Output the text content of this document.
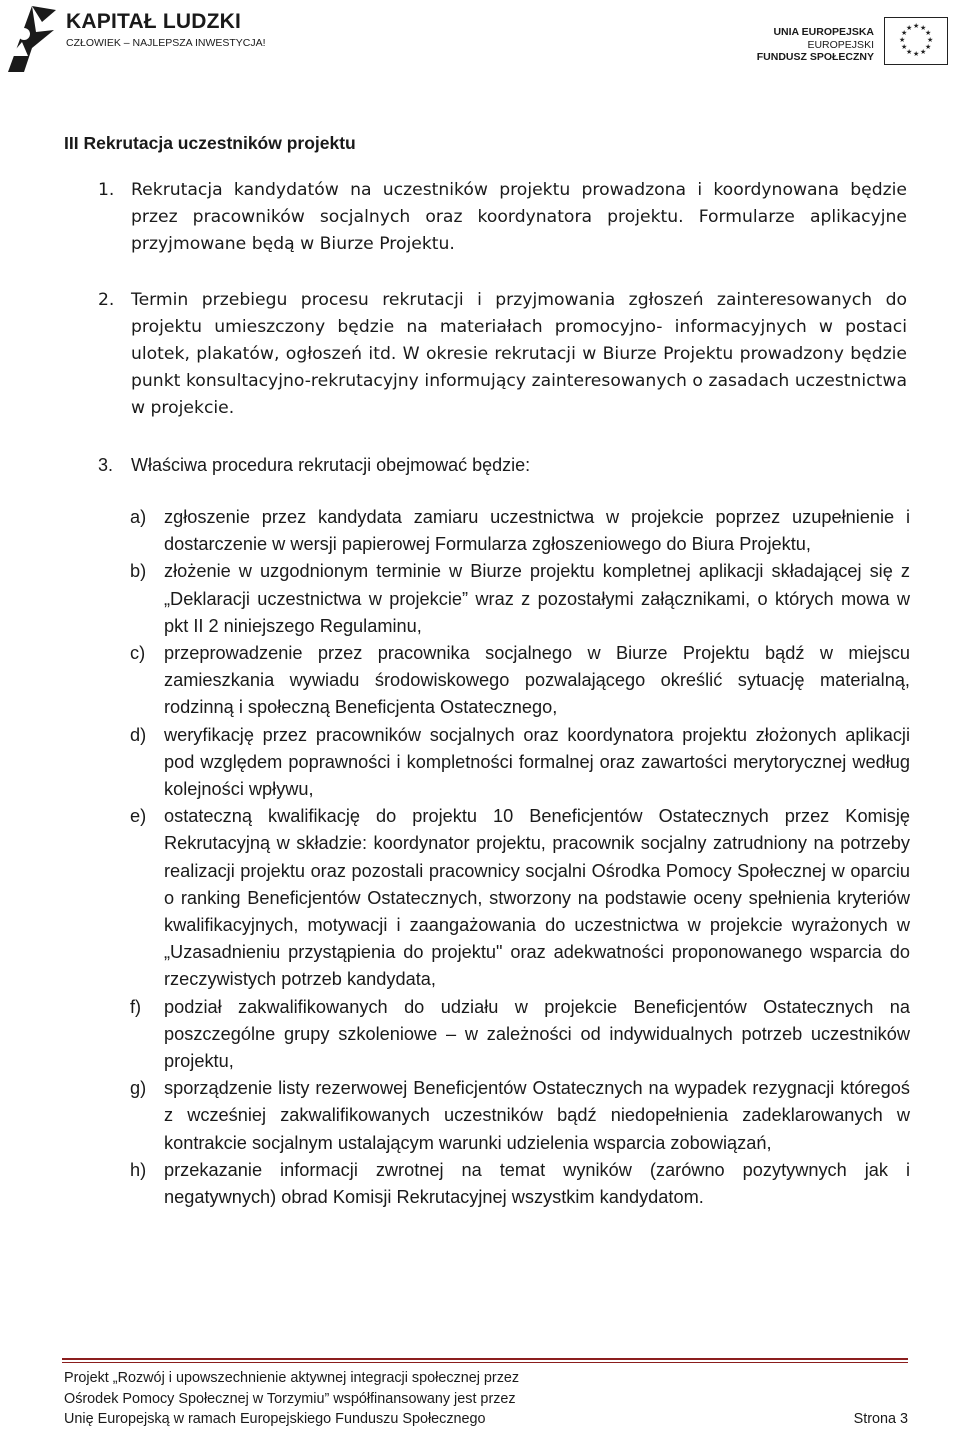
KAPITAŁ LUDZKI
CZŁOWIEK – NAJLEPSZA INWESTYCJA!
UNIA EUROPEJSKA
EUROPEJSKI
FUNDUSZ SPOŁECZNY
★ ★
★
★
★
★
★
★
★
★
★
★
III Rekrutacja uczestników projektu
1. Rekrutacja kandydatów na uczestników projektu prowadzona i koordynowana będzie przez pracowników socjalnych oraz koordynatora projektu. Formularze aplikacyjne przyjmowane będą w Biurze Projektu.
2. Termin przebiegu procesu rekrutacji i przyjmowania zgłoszeń zainteresowanych do projektu umieszczony będzie na materiałach promocyjno- informacyjnych w postaci ulotek, plakatów, ogłoszeń itd. W okresie rekrutacji w Biurze Projektu prowadzony będzie punkt konsultacyjno-rekrutacyjny informujący zainteresowanych o zasadach uczestnictwa w projekcie.
3. Właściwa procedura rekrutacji obejmować będzie:
a) zgłoszenie przez kandydata zamiaru uczestnictwa w projekcie poprzez uzupełnienie i dostarczenie w wersji papierowej Formularza zgłoszeniowego do Biura Projektu,
b) złożenie w uzgodnionym terminie w Biurze projektu kompletnej aplikacji składającej się z „Deklaracji uczestnictwa w projekcie” wraz z pozostałymi załącznikami, o których mowa w pkt II 2 niniejszego Regulaminu,
c) przeprowadzenie przez pracownika socjalnego w Biurze Projektu bądź w miejscu zamieszkania wywiadu środowiskowego pozwalającego określić sytuację materialną, rodzinną i społeczną Beneficjenta Ostatecznego,
d) weryfikację przez pracowników socjalnych oraz koordynatora projektu złożonych aplikacji pod względem poprawności i kompletności formalnej oraz zawartości merytorycznej według kolejności wpływu,
e) ostateczną kwalifikację do projektu 10 Beneficjentów Ostatecznych przez Komisję Rekrutacyjną w składzie: koordynator projektu, pracownik socjalny zatrudniony na potrzeby realizacji projektu oraz pozostali pracownicy socjalni Ośrodka Pomocy Społecznej w oparciu o ranking Beneficjentów Ostatecznych, stworzony na podstawie oceny spełnienia kryteriów kwalifikacyjnych, motywacji i zaangażowania do uczestnictwa w projekcie wyrażonych w „Uzasadnieniu przystąpienia do projektu" oraz adekwatności proponowanego wsparcia do rzeczywistych potrzeb kandydata,
f) podział zakwalifikowanych do udziału w projekcie Beneficjentów Ostatecznych na poszczególne grupy szkoleniowe – w zależności od indywidualnych potrzeb uczestników projektu,
g) sporządzenie listy rezerwowej Beneficjentów Ostatecznych na wypadek rezygnacji któregoś z wcześniej zakwalifikowanych uczestników bądź niedopełnienia zadeklarowanych w kontrakcie socjalnym ustalającym warunki udzielenia wsparcia zobowiązań,
h) przekazanie informacji zwrotnej na temat wyników (zarówno pozytywnych jak i negatywnych) obrad Komisji Rekrutacyjnej wszystkim kandydatom.
Projekt „Rozwój i upowszechnienie aktywnej integracji społecznej przez
Ośrodek Pomocy Społecznej w Torzymiu” współfinansowany jest przez
Unię Europejską w ramach Europejskiego Funduszu Społecznego	Strona 3
